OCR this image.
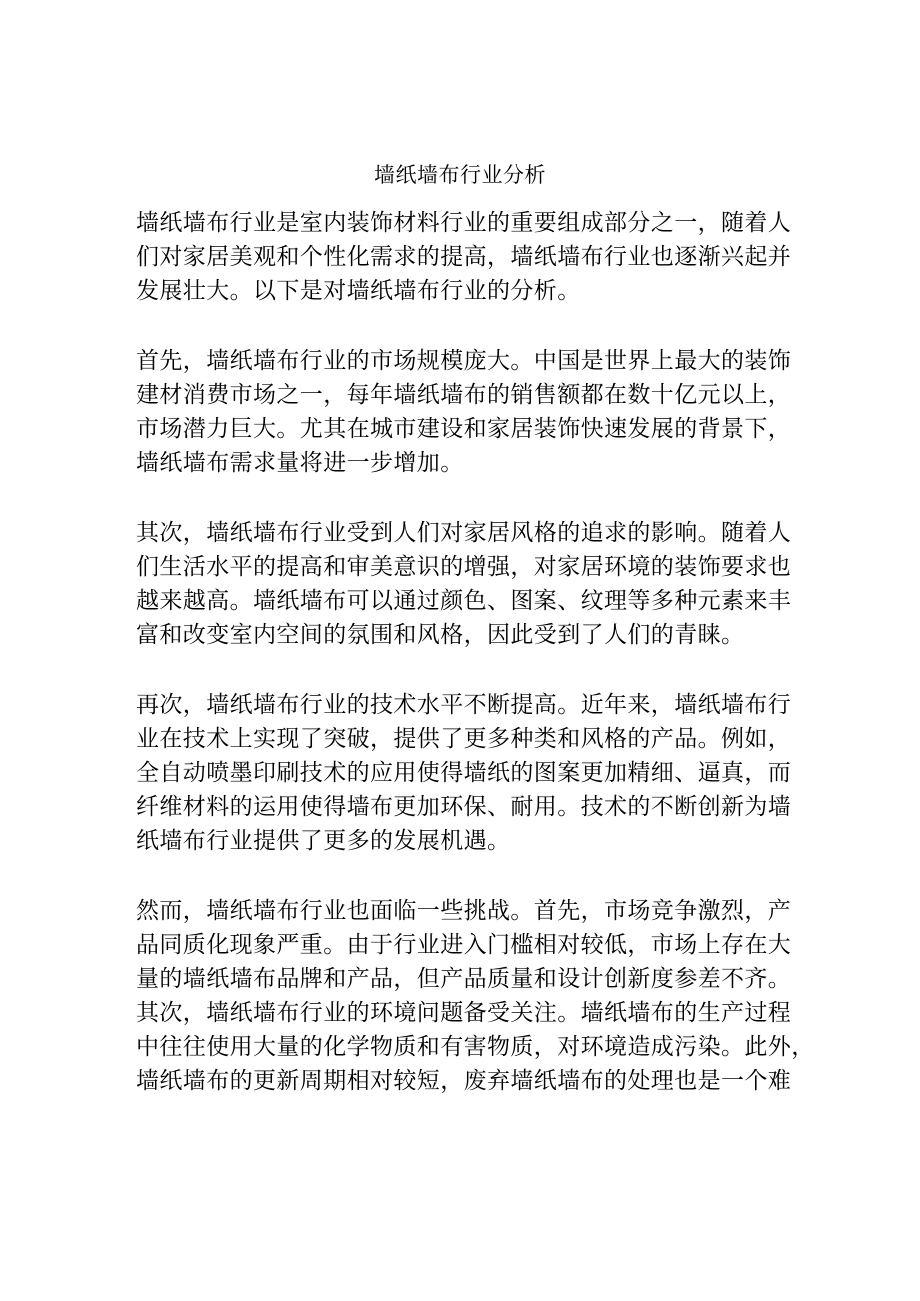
墙纸墙布行业分析
墙纸墙布行业是室内装饰材料行业的重要组成部分之一，随着人
们对家居美观和个性化需求的提高，墙纸墙布行业也逐渐兴起并
发展壮大。以下是对墙纸墙布行业的分析。
首先，墙纸墙布行业的市场规模庞大。中国是世界上最大的装饰
建材消费市场之一，每年墙纸墙布的销售额都在数十亿元以上，
市场潜力巨大。尤其在城市建设和家居装饰快速发展的背景下，
墙纸墙布需求量将进一步增加。
其次，墙纸墙布行业受到人们对家居风格的追求的影响。随着人
们生活水平的提高和审美意识的增强，对家居环境的装饰要求也
越来越高。墙纸墙布可以通过颜色、图案、纹理等多种元素来丰
富和改变室内空间的氛围和风格，因此受到了人们的青睐。
再次，墙纸墙布行业的技术水平不断提高。近年来，墙纸墙布行
业在技术上实现了突破，提供了更多种类和风格的产品。例如，
全自动喷墨印刷技术的应用使得墙纸的图案更加精细、逼真，而
纤维材料的运用使得墙布更加环保、耐用。技术的不断创新为墙
纸墙布行业提供了更多的发展机遇。
然而，墙纸墙布行业也面临一些挑战。首先，市场竞争激烈，产
品同质化现象严重。由于行业进入门槛相对较低，市场上存在大
量的墙纸墙布品牌和产品，但产品质量和设计创新度参差不齐。
其次，墙纸墙布行业的环境问题备受关注。墙纸墙布的生产过程
中往往使用大量的化学物质和有害物质，对环境造成污染。此外，
墙纸墙布的更新周期相对较短，废弃墙纸墙布的处理也是一个难
